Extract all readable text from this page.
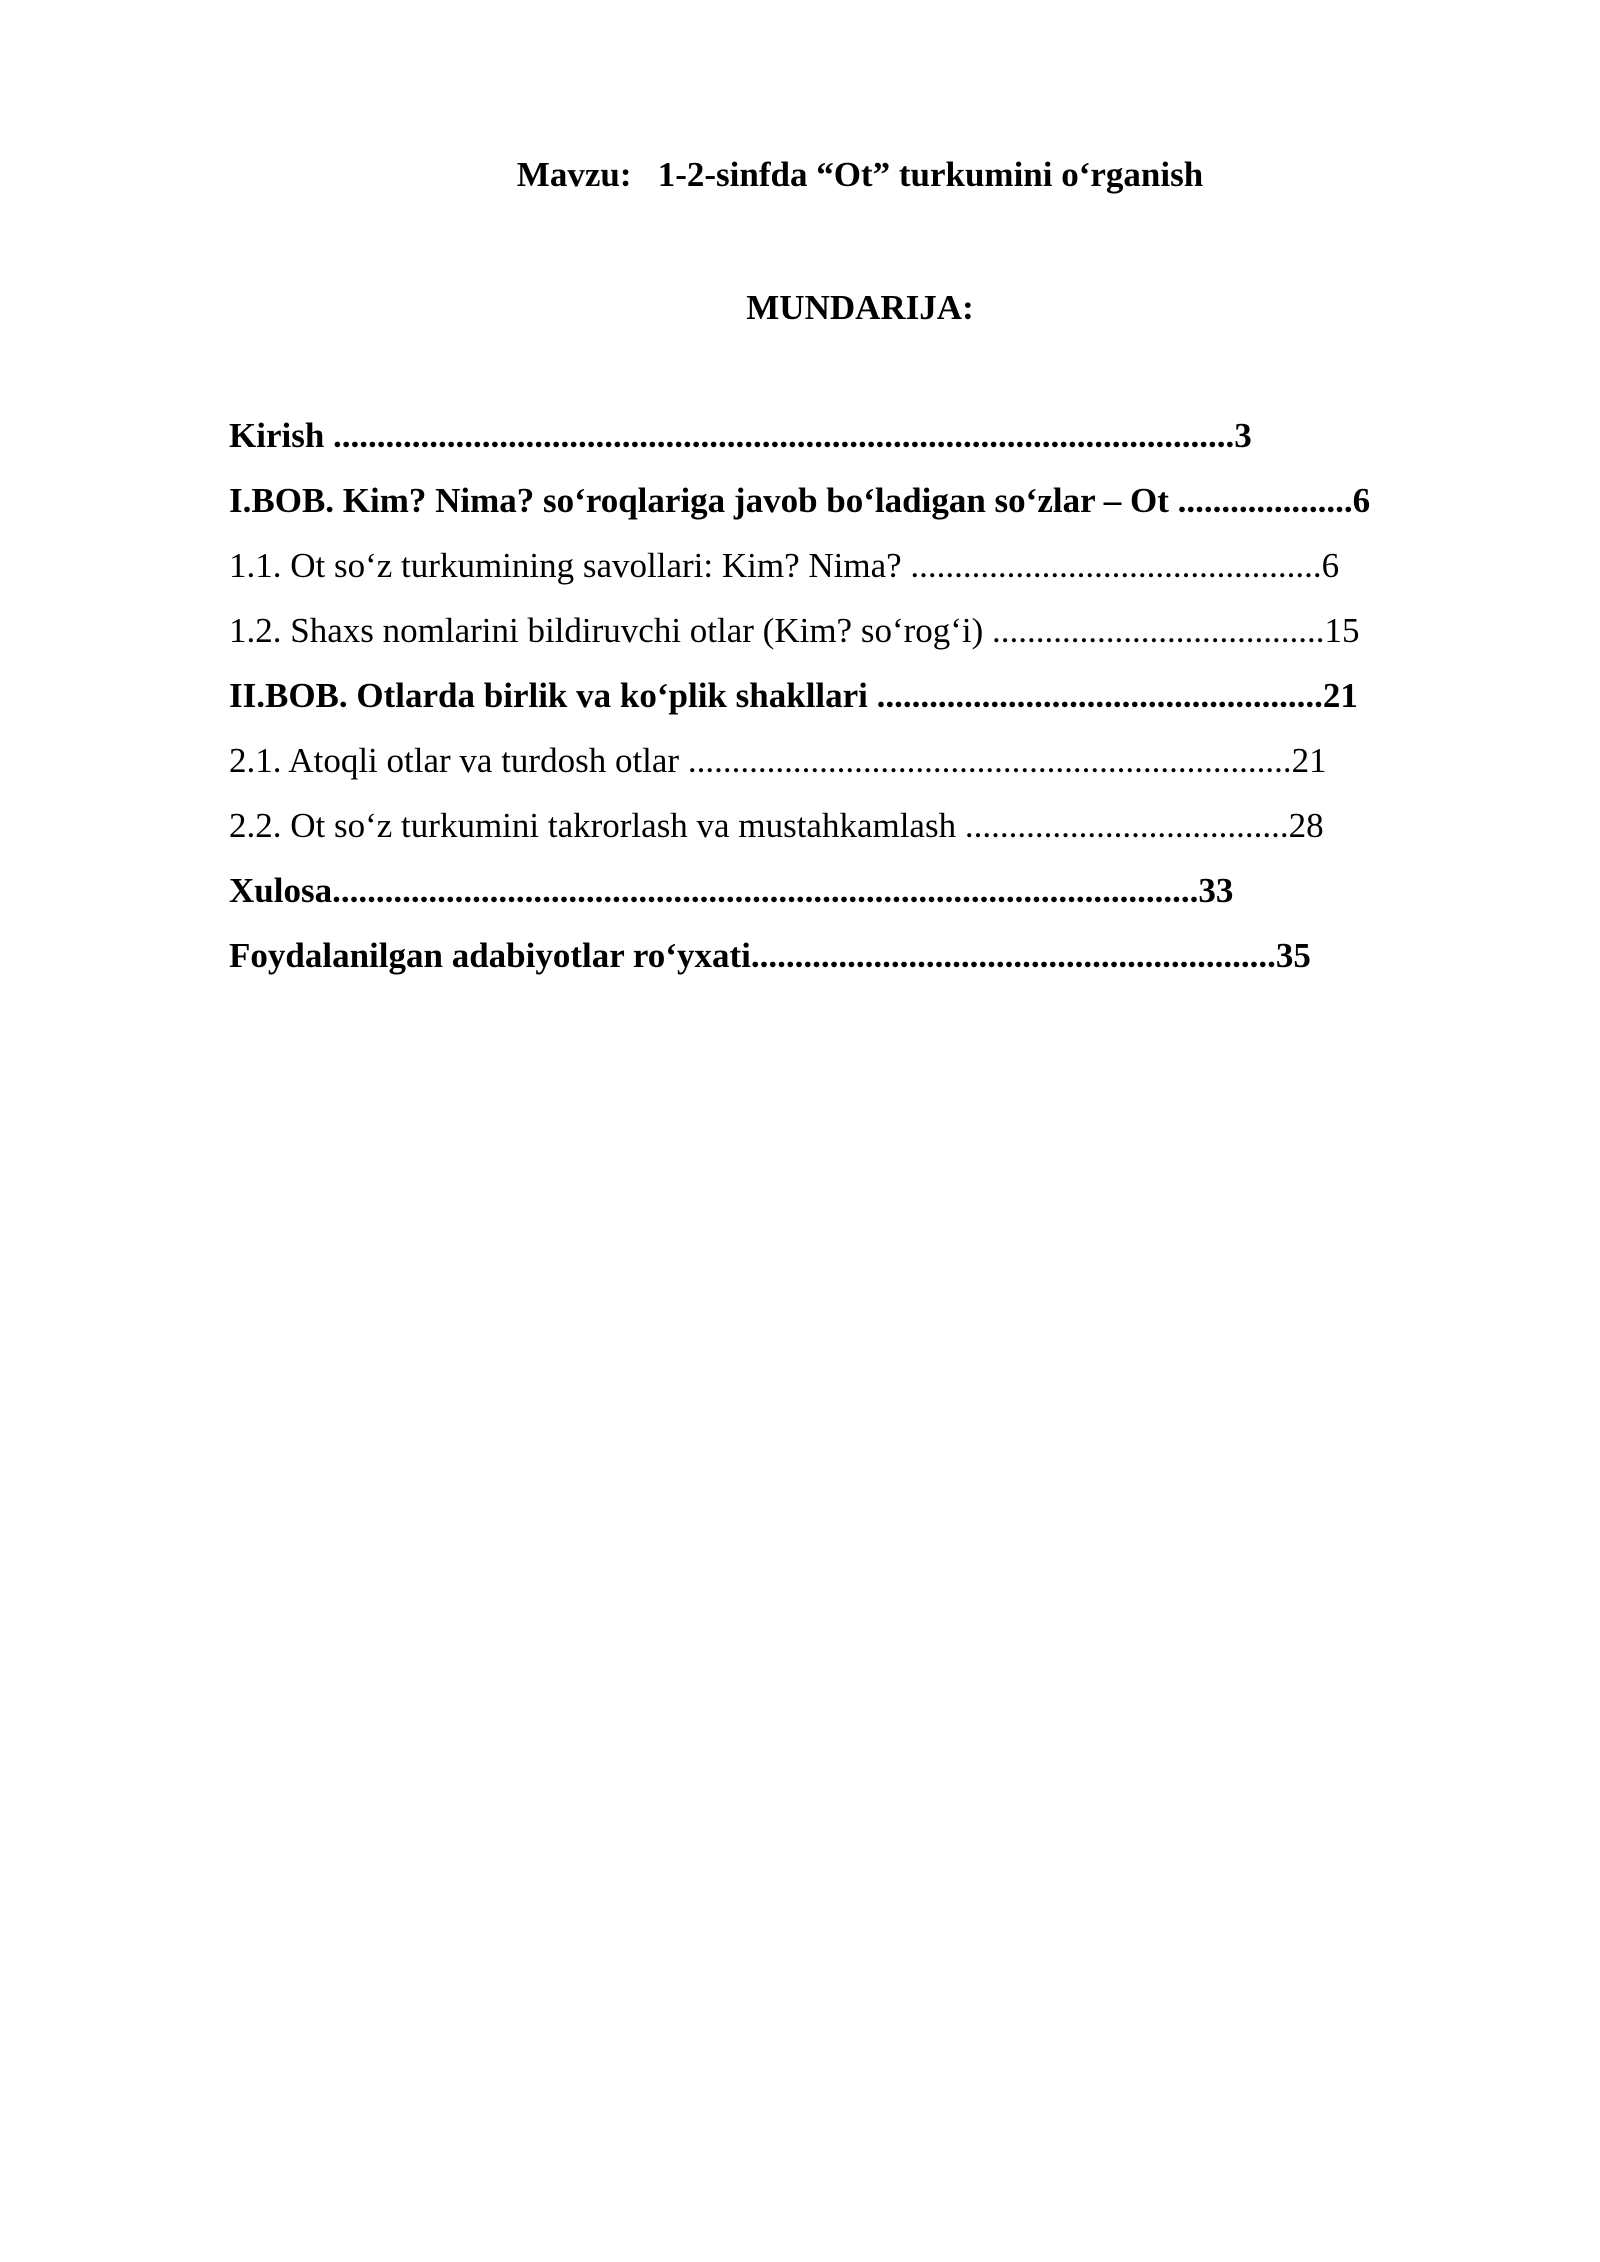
Mavzu:   1-2-sinfda “Ot” turkumini o‘rganish
MUNDARIJA:
Kirish .......................................................................................................3
I.BOB. Kim? Nima? so‘roqlariga javob bo‘ladigan so‘zlar – Ot ....................6
1.1. Ot so‘z turkumining savollari: Kim? Nima? ...............................................6
1.2. Shaxs nomlarini bildiruvchi otlar (Kim? so‘rog‘i) ......................................15
II.BOB. Otlarda birlik va ko‘plik shakllari ...................................................21
2.1. Atoqli otlar va turdosh otlar .....................................................................21
2.2. Ot so‘z turkumini takrorlash va mustahkamlash .....................................28
Xulosa...................................................................................................33
Foydalanilgan adabiyotlar ro‘yxati............................................................35
